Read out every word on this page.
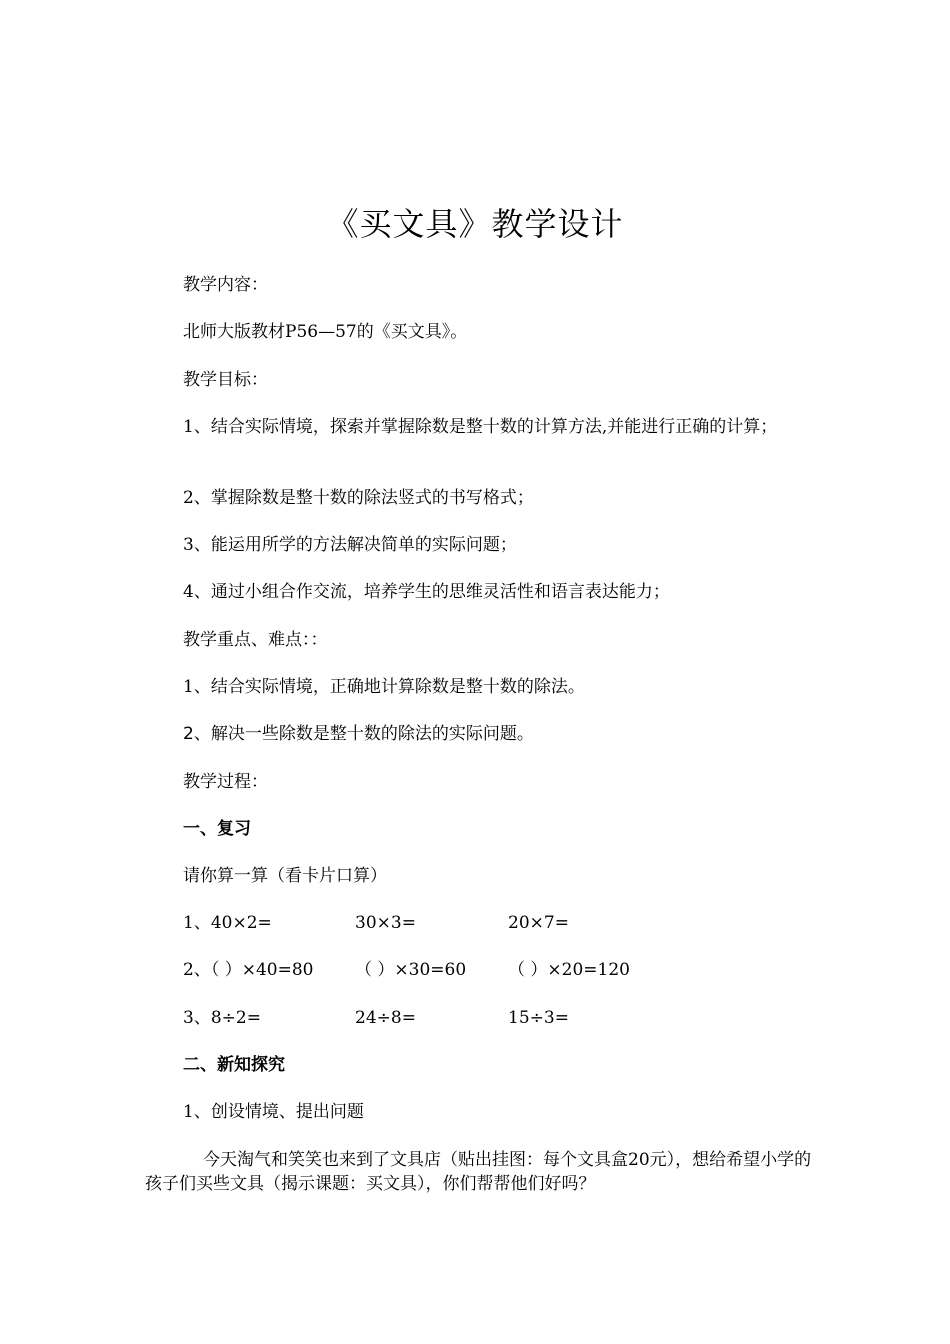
《买文具》教学设计
教学内容：
北师大版教材P56—57的《买文具》。
教学目标：
1、结合实际情境，探索并掌握除数是整十数的计算方法,并能进行正确的计算；
2、掌握除数是整十数的除法竖式的书写格式；
3、能运用所学的方法解决简单的实际问题；
4、通过小组合作交流，培养学生的思维灵活性和语言表达能力；
教学重点、难点：：
1、结合实际情境，正确地计算除数是整十数的除法。
2、解决一些除数是整十数的除法的实际问题。
教学过程：
一、复习
请你算一算（看卡片口算）
1、40×2=	30×3=	20×7=
2、（ ）×40=80 （ ）×30=60 （ ）×20=120
3、8÷2=	24÷8=	15÷3=
二、新知探究
1、创设情境、提出问题
今天淘气和笑笑也来到了文具店（贴出挂图：每个文具盒20元），想给希望小学的孩子们买些文具（揭示课题：买文具），你们帮帮他们好吗？
